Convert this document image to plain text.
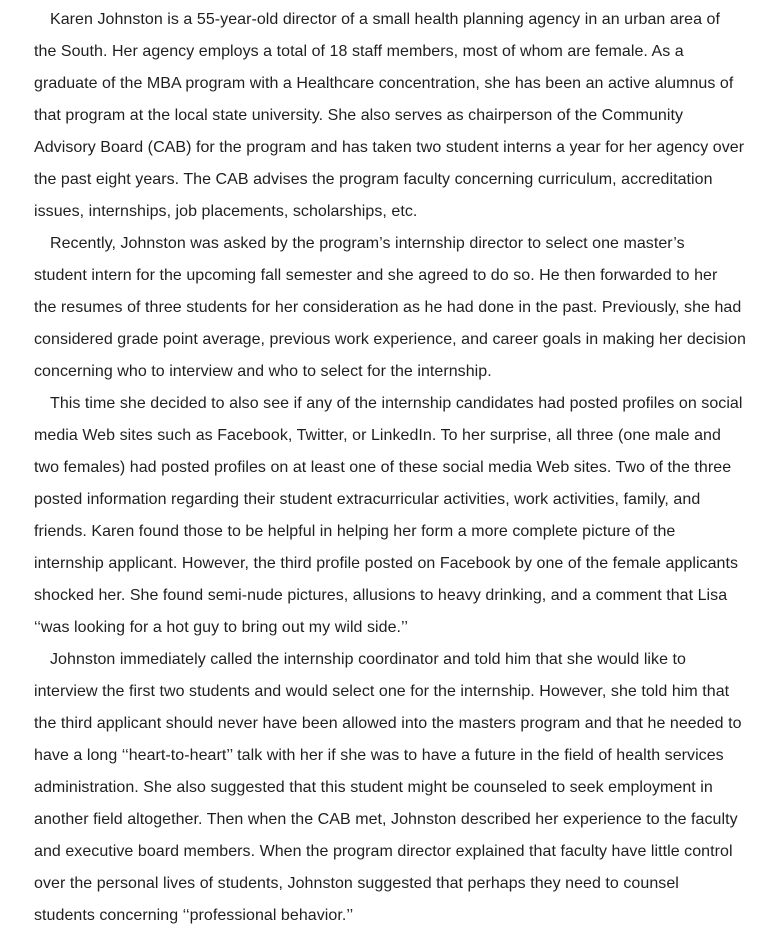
Karen Johnston is a 55-year-old director of a small health planning agency in an urban area of
the South. Her agency employs a total of 18 staff members, most of whom are female. As a
graduate of the MBA program with a Healthcare concentration, she has been an active alumnus of
that program at the local state university. She also serves as chairperson of the Community
Advisory Board (CAB) for the program and has taken two student interns a year for her agency over
the past eight years. The CAB advises the program faculty concerning curriculum, accreditation
issues, internships, job placements, scholarships, etc.
Recently, Johnston was asked by the program’s internship director to select one master’s
student intern for the upcoming fall semester and she agreed to do so. He then forwarded to her
the resumes of three students for her consideration as he had done in the past. Previously, she had
considered grade point average, previous work experience, and career goals in making her decision
concerning who to interview and who to select for the internship.
This time she decided to also see if any of the internship candidates had posted profiles on social
media Web sites such as Facebook, Twitter, or LinkedIn. To her surprise, all three (one male and
two females) had posted profiles on at least one of these social media Web sites. Two of the three
posted information regarding their student extracurricular activities, work activities, family, and
friends. Karen found those to be helpful in helping her form a more complete picture of the
internship applicant. However, the third profile posted on Facebook by one of the female applicants
shocked her. She found semi-nude pictures, allusions to heavy drinking, and a comment that Lisa
‘‘was looking for a hot guy to bring out my wild side.’’
Johnston immediately called the internship coordinator and told him that she would like to
interview the first two students and would select one for the internship. However, she told him that
the third applicant should never have been allowed into the masters program and that he needed to
have a long ‘‘heart-to-heart’’ talk with her if she was to have a future in the field of health services
administration. She also suggested that this student might be counseled to seek employment in
another field altogether. Then when the CAB met, Johnston described her experience to the faculty
and executive board members. When the program director explained that faculty have little control
over the personal lives of students, Johnston suggested that perhaps they need to counsel
students concerning ‘‘professional behavior.’’
